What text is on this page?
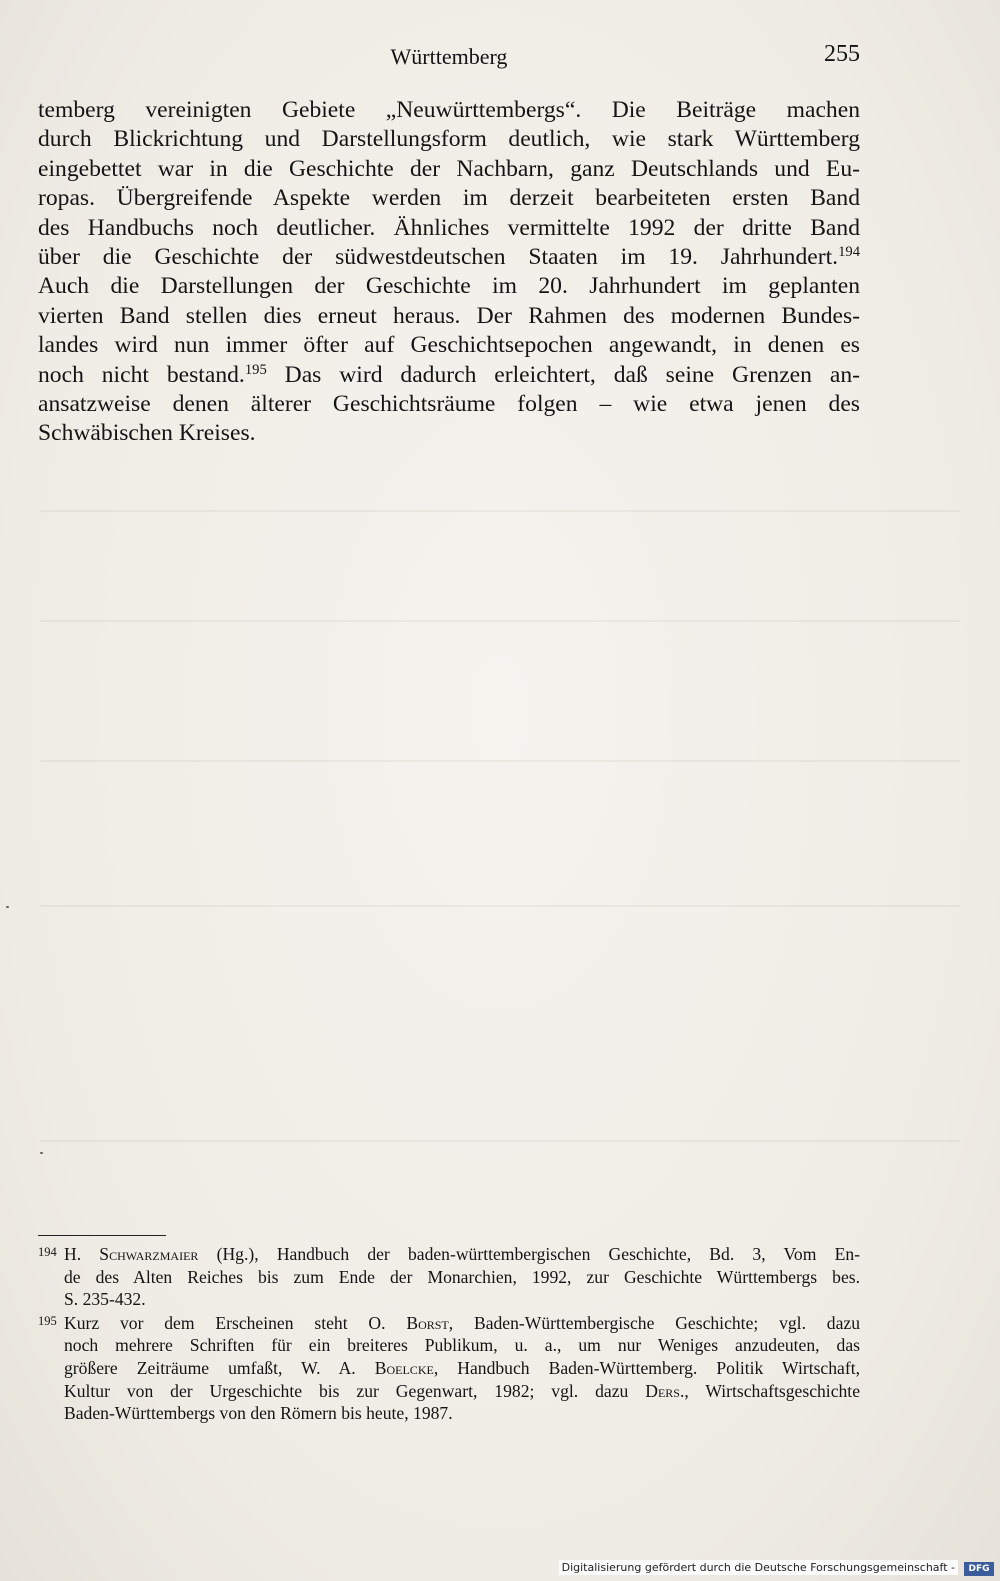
Württemberg	255
temberg vereinigten Gebiete „Neuwürttembergs“. Die Beiträge machen
durch Blickrichtung und Darstellungsform deutlich, wie stark Württemberg
eingebettet war in die Geschichte der Nachbarn, ganz Deutschlands und Eu-
ropas. Übergreifende Aspekte werden im derzeit bearbeiteten ersten Band
des Handbuchs noch deutlicher. Ähnliches vermittelte 1992 der dritte Band
über die Geschichte der südwestdeutschen Staaten im 19. Jahrhundert.$^{194}$
Auch die Darstellungen der Geschichte im 20. Jahrhundert im geplanten
vierten Band stellen dies erneut heraus. Der Rahmen des modernen Bundes-
landes wird nun immer öfter auf Geschichtsepochen angewandt, in denen es
noch nicht bestand.$^{195}$ Das wird dadurch erleichtert, daß seine Grenzen an-
ansatzweise denen älterer Geschichtsräume folgen – wie etwa jenen des
Schwäbischen Kreises.
194 H. Schwarzmaier (Hg.), Handbuch der baden-württembergischen Geschichte, Bd. 3, Vom En-
de des Alten Reiches bis zum Ende der Monarchien, 1992, zur Geschichte Württembergs bes.
S. 235-432.
195 Kurz vor dem Erscheinen steht O. Borst, Baden-Württembergische Geschichte; vgl. dazu
noch mehrere Schriften für ein breiteres Publikum, u. a., um nur Weniges anzudeuten, das
größere Zeiträume umfaßt, W. A. Boelcke, Handbuch Baden-Württemberg. Politik Wirtschaft,
Kultur von der Urgeschichte bis zur Gegenwart, 1982; vgl. dazu Ders., Wirtschaftsgeschichte
Baden-Württembergs von den Römern bis heute, 1987.
Digitalisierung gefördert durch die Deutsche Forschungsgemeinschaft -	DFG
